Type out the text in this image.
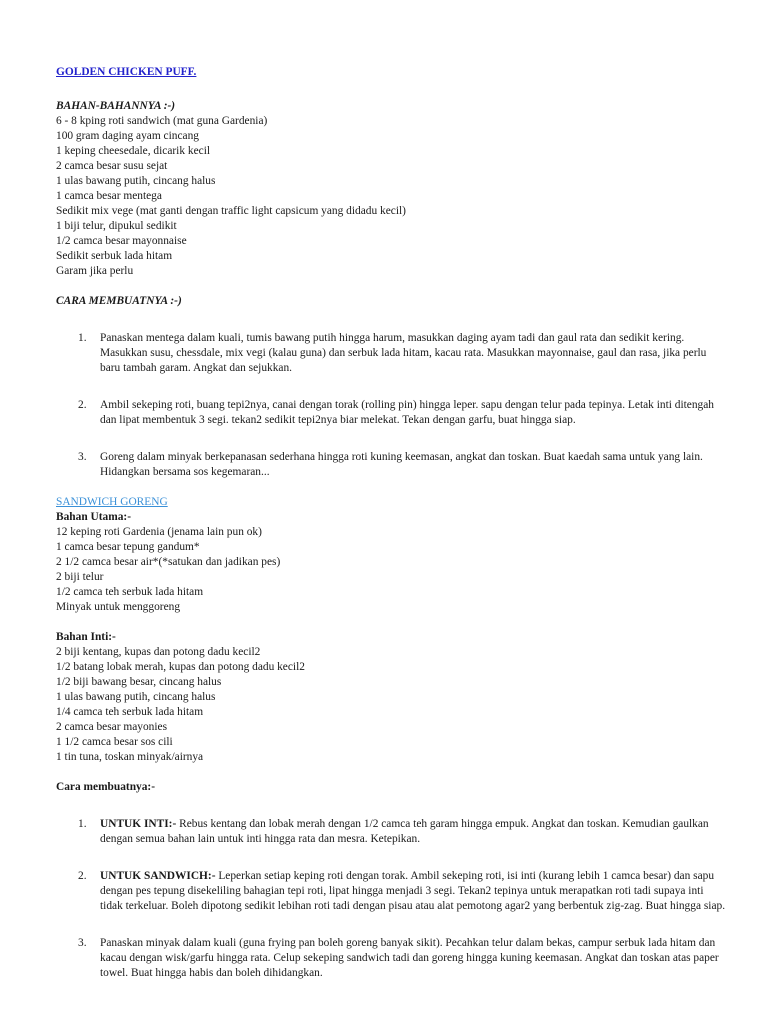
GOLDEN CHICKEN PUFF.

BAHAN-BAHANNYA :-)

6 - 8 kping roti sandwich (mat guna Gardenia)

100 gram daging ayam cincang

1 keping cheesedale, dicarik kecil

2 camca besar susu sejat

1 ulas bawang putih, cincang halus

1 camca besar mentega

Sedikit mix vege (mat ganti dengan traffic light capsicum yang didadu kecil)

1 biji telur, dipukul sedikit

1/2 camca besar mayonnaise

Sedikit serbuk lada hitam

Garam jika perlu

CARA MEMBUATNYA :-)

1. Panaskan mentega dalam kuali, tumis bawang putih hingga harum, masukkan daging ayam tadi dan gaul rata dan sedikit kering. Masukkan susu, chessdale, mix vegi (kalau guna) dan serbuk lada hitam, kacau rata. Masukkan mayonnaise, gaul dan rasa, jika perlu baru tambah garam. Angkat dan sejukkan.
2. Ambil sekeping roti, buang tepi2nya, canai dengan torak (rolling pin) hingga leper. sapu dengan telur pada tepinya. Letak inti ditengah dan lipat membentuk 3 segi. tekan2 sedikit tepi2nya biar melekat. Tekan dengan garfu, buat hingga siap.
3. Goreng dalam minyak berkepanasan sederhana hingga roti kuning keemasan, angkat dan toskan. Buat kaedah sama untuk yang lain. Hidangkan bersama sos kegemaran...

SANDWICH GORENG

Bahan Utama:-

12 keping roti Gardenia (jenama lain pun ok)

1 camca besar tepung gandum*

2 1/2 camca besar air*(*satukan dan jadikan pes)

2 biji telur

1/2 camca teh serbuk lada hitam

Minyak untuk menggoreng

Bahan Inti:-

2 biji kentang, kupas dan potong dadu kecil2

1/2 batang lobak merah, kupas dan potong dadu kecil2

1/2 biji bawang besar, cincang halus

1 ulas bawang putih, cincang halus

1/4 camca teh serbuk lada hitam

2 camca besar mayonies

1 1/2 camca besar sos cili

1 tin tuna, toskan minyak/airnya

Cara membuatnya:-

1. UNTUK INTI:- Rebus kentang dan lobak merah dengan 1/2 camca teh garam hingga empuk. Angkat dan toskan. Kemudian gaulkan dengan semua bahan lain untuk inti hingga rata dan mesra. Ketepikan.
2. UNTUK SANDWICH:- Leperkan setiap keping roti dengan torak. Ambil sekeping roti, isi inti (kurang lebih 1 camca besar) dan sapu dengan pes tepung disekeliling bahagian tepi roti, lipat hingga menjadi 3 segi. Tekan2 tepinya untuk merapatkan roti tadi supaya inti tidak terkeluar. Boleh dipotong sedikit lebihan roti tadi dengan pisau atau alat pemotong agar2 yang berbentuk zig-zag. Buat hingga siap.
3. Panaskan minyak dalam kuali (guna frying pan boleh goreng banyak sikit). Pecahkan telur dalam bekas, campur serbuk lada hitam dan kacau dengan wisk/garfu hingga rata. Celup sekeping sandwich tadi dan goreng hingga kuning keemasan. Angkat dan toskan atas paper towel. Buat hingga habis dan boleh dihidangkan.
